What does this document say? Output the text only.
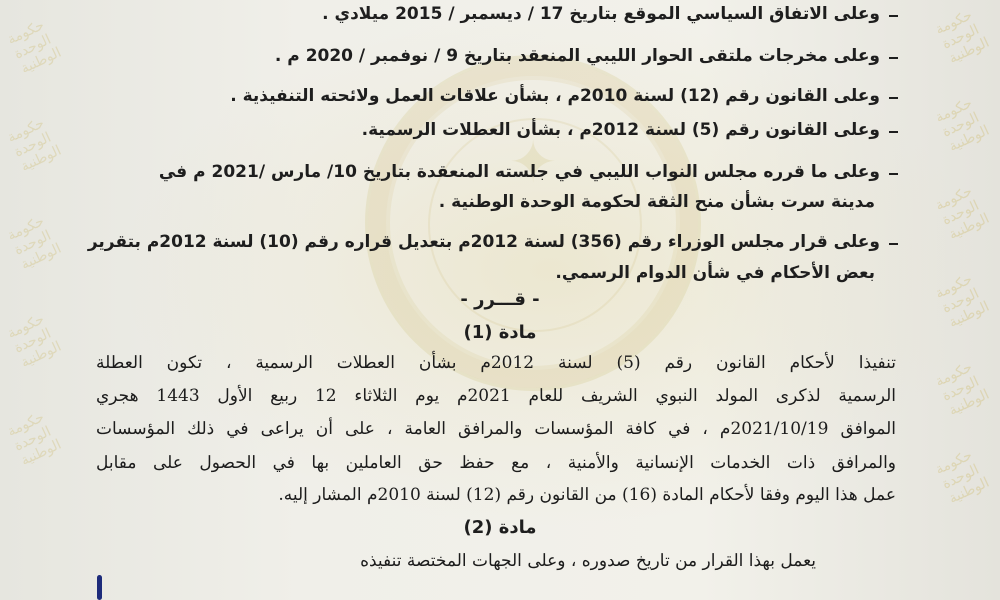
✦
حكومة الوحدة الوطنية
حكومة الوحدة الوطنية
حكومة الوحدة الوطنية
حكومة الوحدة الوطنية
حكومة الوحدة الوطنية
حكومة الوحدة الوطنية
حكومة الوحدة الوطنية
حكومة الوحدة الوطنية
حكومة الوحدة الوطنية
حكومة الوحدة الوطنية
حكومة الوحدة الوطنية
وعلى الاتفاق السياسي الموقع بتاريخ 17 / ديسمبر / 2015 ميلادي .
وعلى مخرجات ملتقى الحوار الليبي المنعقد بتاريخ 9 / نوفمبر / 2020 م .
وعلى القانون رقم (12) لسنة 2010م ، بشأن علاقات العمل ولائحته التنفيذية .
وعلى القانون رقم (5) لسنة 2012م ، بشأن العطلات الرسمية.
وعلى ما قرره مجلس النواب الليبي في جلسته المنعقدة بتاريخ 10/ مارس /2021 م في
مدينة سرت بشأن منح الثقة لحكومة الوحدة الوطنية .
وعلى قرار مجلس الوزراء رقم (356) لسنة 2012م بتعديل قراره رقم (10) لسنة 2012م بتقرير
بعض الأحكام في شأن الدوام الرسمي.
- قـــرر -
مادة (1)
تنفيذا لأحكام القانون رقم (5) لسنة 2012م بشأن العطلات الرسمية ، تكون العطلة
الرسمية لذكرى المولد النبوي الشريف للعام 2021م يوم الثلاثاء 12 ربيع الأول 1443 هجري
الموافق 2021/10/19م ، في كافة المؤسسات والمرافق العامة ، على أن يراعى في ذلك المؤسسات
والمرافق ذات الخدمات الإنسانية والأمنية ، مع حفظ حق العاملين بها في الحصول على مقابل
عمل هذا اليوم وفقا لأحكام المادة (16) من القانون رقم (12) لسنة 2010م المشار إليه.
مادة (2)
يعمل بهذا القرار من تاريخ صدوره ، وعلى الجهات المختصة تنفيذه
